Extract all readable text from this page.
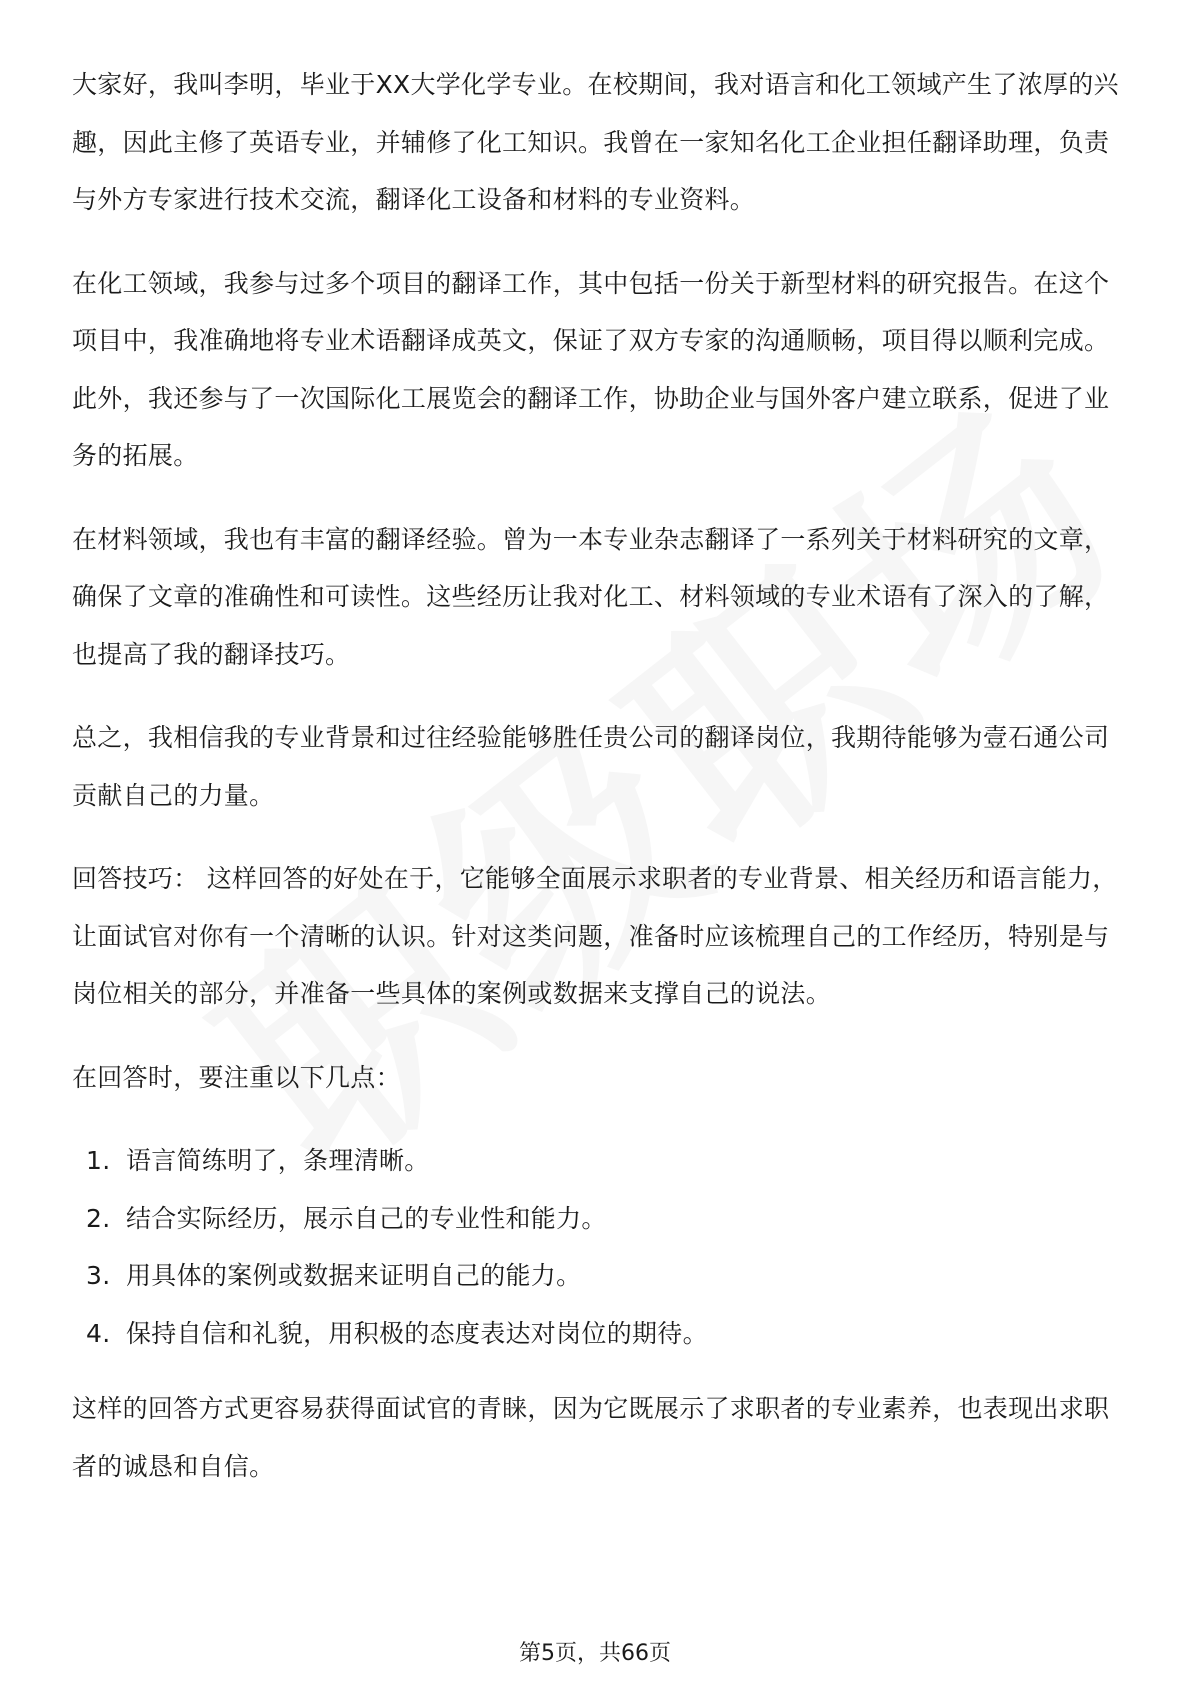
大家好，我叫李明，毕业于XX大学化学专业。在校期间，我对语言和化工领域产生了浓厚的兴趣，因此主修了英语专业，并辅修了化工知识。我曾在一家知名化工企业担任翻译助理，负责与外方专家进行技术交流，翻译化工设备和材料的专业资料。

在化工领域，我参与过多个项目的翻译工作，其中包括一份关于新型材料的研究报告。在这个项目中，我准确地将专业术语翻译成英文，保证了双方专家的沟通顺畅，项目得以顺利完成。此外，我还参与了一次国际化工展览会的翻译工作，协助企业与国外客户建立联系，促进了业务的拓展。

在材料领域，我也有丰富的翻译经验。曾为一本专业杂志翻译了一系列关于材料研究的文章，确保了文章的准确性和可读性。这些经历让我对化工、材料领域的专业术语有了深入的了解，也提高了我的翻译技巧。

总之，我相信我的专业背景和过往经验能够胜任贵公司的翻译岗位，我期待能够为壹石通公司贡献自己的力量。

回答技巧： 这样回答的好处在于，它能够全面展示求职者的专业背景、相关经历和语言能力，让面试官对你有一个清晰的认识。针对这类问题，准备时应该梳理自己的工作经历，特别是与岗位相关的部分，并准备一些具体的案例或数据来支撑自己的说法。

在回答时，要注重以下几点：

1. 语言简练明了，条理清晰。
2. 结合实际经历，展示自己的专业性和能力。
3. 用具体的案例或数据来证明自己的能力。
4. 保持自信和礼貌，用积极的态度表达对岗位的期待。

这样的回答方式更容易获得面试官的青睐，因为它既展示了求职者的专业素养，也表现出求职者的诚恳和自信。

第5页，共66页
